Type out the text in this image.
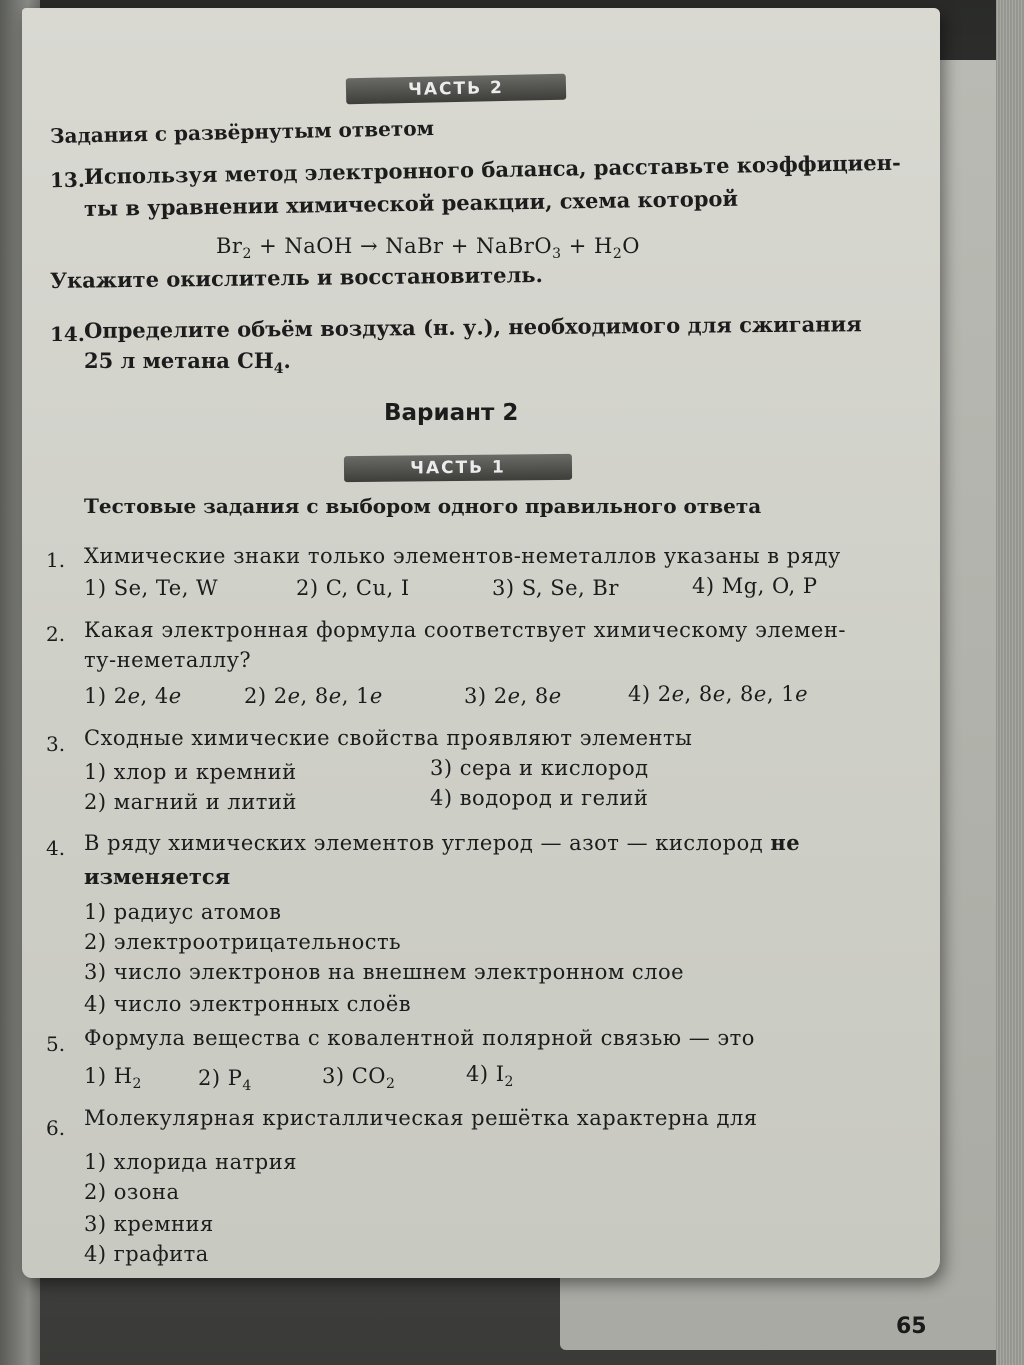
ЧАСТЬ 2
Задания с развёрнутым ответом
13.
Используя метод электронного баланса, расставьте коэффициен-
ты в уравнении химической реакции, схема которой
$Br_2$ + NaOH → NaBr + NaBrO$_3$ + $H_2O$
Укажите окислитель и восстановитель.
14. Определите объём воздуха (н. у.), необходимого для сжигания
25 л метана $CH_4$.
Вариант 2
ЧАСТЬ 1
Тестовые задания с выбором одного правильного ответа
1. Химические знаки только элементов-неметаллов указаны в ряду
1) Se, Te, W	2) C, Cu, I	3) S, Se, Br	4) Mg, O, P
2. Какая электронная формула соответствует химическому элемен-
ту-неметаллу?
1) 2e, 4e	2) 2e, 8e, 1e	3) 2e, 8e	4) 2e, 8e, 8e, 1e
3. Сходные химические свойства проявляют элементы
1) хлор и кремний
2) магний и литий
3) сера и кислород
4) водород и гелий
4. В ряду химических элементов углерод — азот — кислород не
изменяется
1) радиус атомов
2) электроотрицательность
3) число электронов на внешнем электронном слое
4) число электронных слоёв
5. Формула вещества с ковалентной полярной связью — это
1) $H_2$	2) $P_4$	3) $CO_2$	4) $I_2$
6. Молекулярная кристаллическая решётка характерна для
1) хлорида натрия
2) озона
3) кремния
4) графита
65
